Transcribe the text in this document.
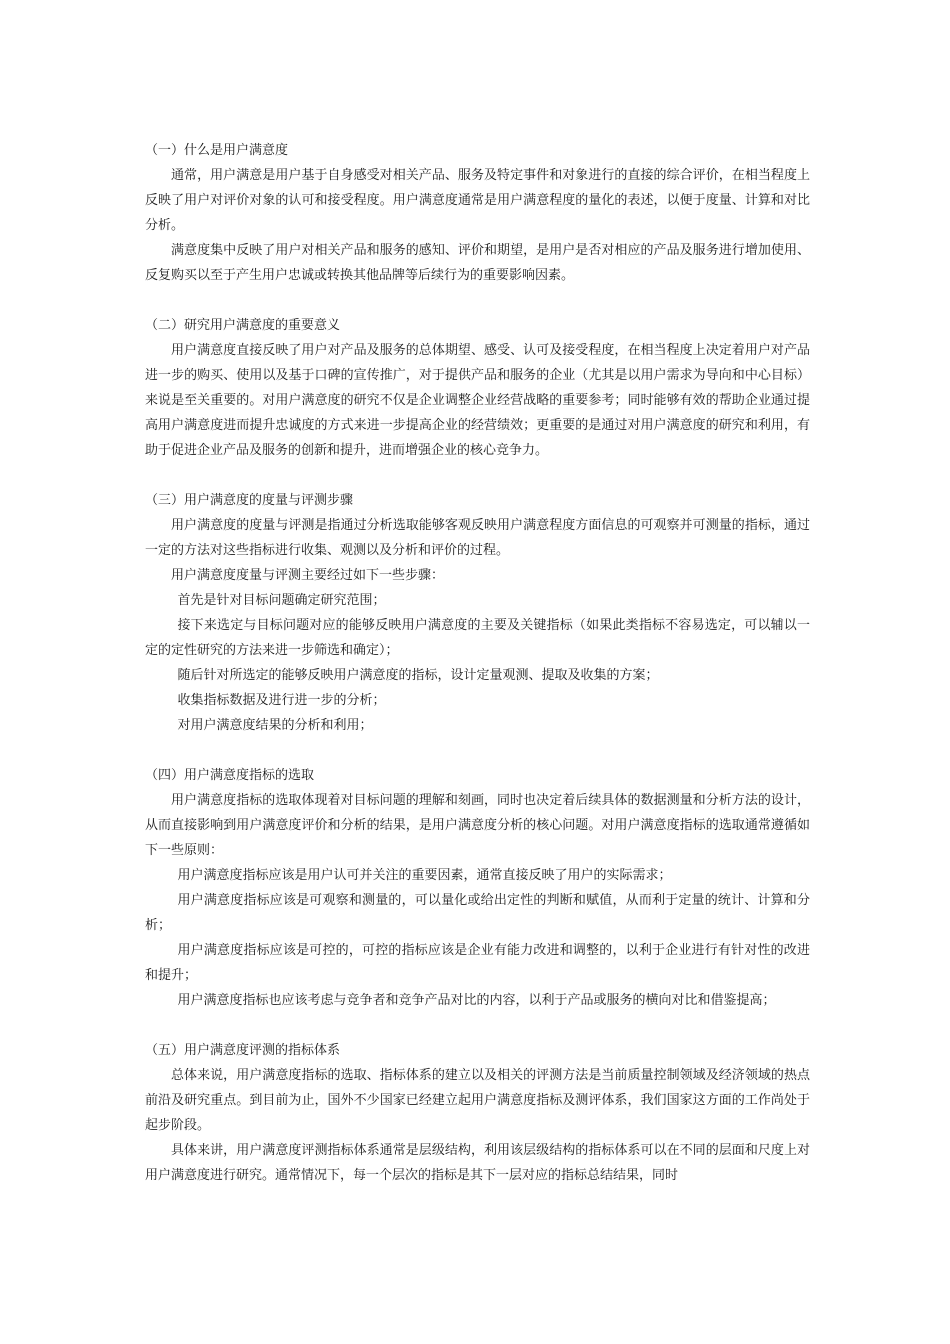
（一）什么是用户满意度

通常，用户满意是用户基于自身感受对相关产品、服务及特定事件和对象进行的直接的综合评价，在相当程度上反映了用户对评价对象的认可和接受程度。用户满意度通常是用户满意程度的量化的表述，以便于度量、计算和对比分析。

满意度集中反映了用户对相关产品和服务的感知、评价和期望，是用户是否对相应的产品及服务进行增加使用、反复购买以至于产生用户忠诚或转换其他品牌等后续行为的重要影响因素。

（二）研究用户满意度的重要意义

用户满意度直接反映了用户对产品及服务的总体期望、感受、认可及接受程度，在相当程度上决定着用户对产品进一步的购买、使用以及基于口碑的宣传推广，对于提供产品和服务的企业（尤其是以用户需求为导向和中心目标）来说是至关重要的。对用户满意度的研究不仅是企业调整企业经营战略的重要参考；同时能够有效的帮助企业通过提高用户满意度进而提升忠诚度的方式来进一步提高企业的经营绩效；更重要的是通过对用户满意度的研究和利用，有助于促进企业产品及服务的创新和提升，进而增强企业的核心竞争力。

（三）用户满意度的度量与评测步骤

用户满意度的度量与评测是指通过分析选取能够客观反映用户满意程度方面信息的可观察并可测量的指标，通过一定的方法对这些指标进行收集、观测以及分析和评价的过程。

用户满意度度量与评测主要经过如下一些步骤：

首先是针对目标问题确定研究范围；

接下来选定与目标问题对应的能够反映用户满意度的主要及关键指标（如果此类指标不容易选定，可以辅以一定的定性研究的方法来进一步筛选和确定）；

随后针对所选定的能够反映用户满意度的指标，设计定量观测、提取及收集的方案；

收集指标数据及进行进一步的分析；

对用户满意度结果的分析和利用；

（四）用户满意度指标的选取

用户满意度指标的选取体现着对目标问题的理解和刻画，同时也决定着后续具体的数据测量和分析方法的设计，从而直接影响到用户满意度评价和分析的结果，是用户满意度分析的核心问题。对用户满意度指标的选取通常遵循如下一些原则：

用户满意度指标应该是用户认可并关注的重要因素，通常直接反映了用户的实际需求；

用户满意度指标应该是可观察和测量的，可以量化或给出定性的判断和赋值，从而利于定量的统计、计算和分析；

用户满意度指标应该是可控的，可控的指标应该是企业有能力改进和调整的，以利于企业进行有针对性的改进和提升；

用户满意度指标也应该考虑与竞争者和竞争产品对比的内容，以利于产品或服务的横向对比和借鉴提高；

（五）用户满意度评测的指标体系

总体来说，用户满意度指标的选取、指标体系的建立以及相关的评测方法是当前质量控制领域及经济领域的热点前沿及研究重点。到目前为止，国外不少国家已经建立起用户满意度指标及测评体系，我们国家这方面的工作尚处于起步阶段。

具体来讲，用户满意度评测指标体系通常是层级结构，利用该层级结构的指标体系可以在不同的层面和尺度上对用户满意度进行研究。通常情况下，每一个层次的指标是其下一层对应的指标总结结果，同时
